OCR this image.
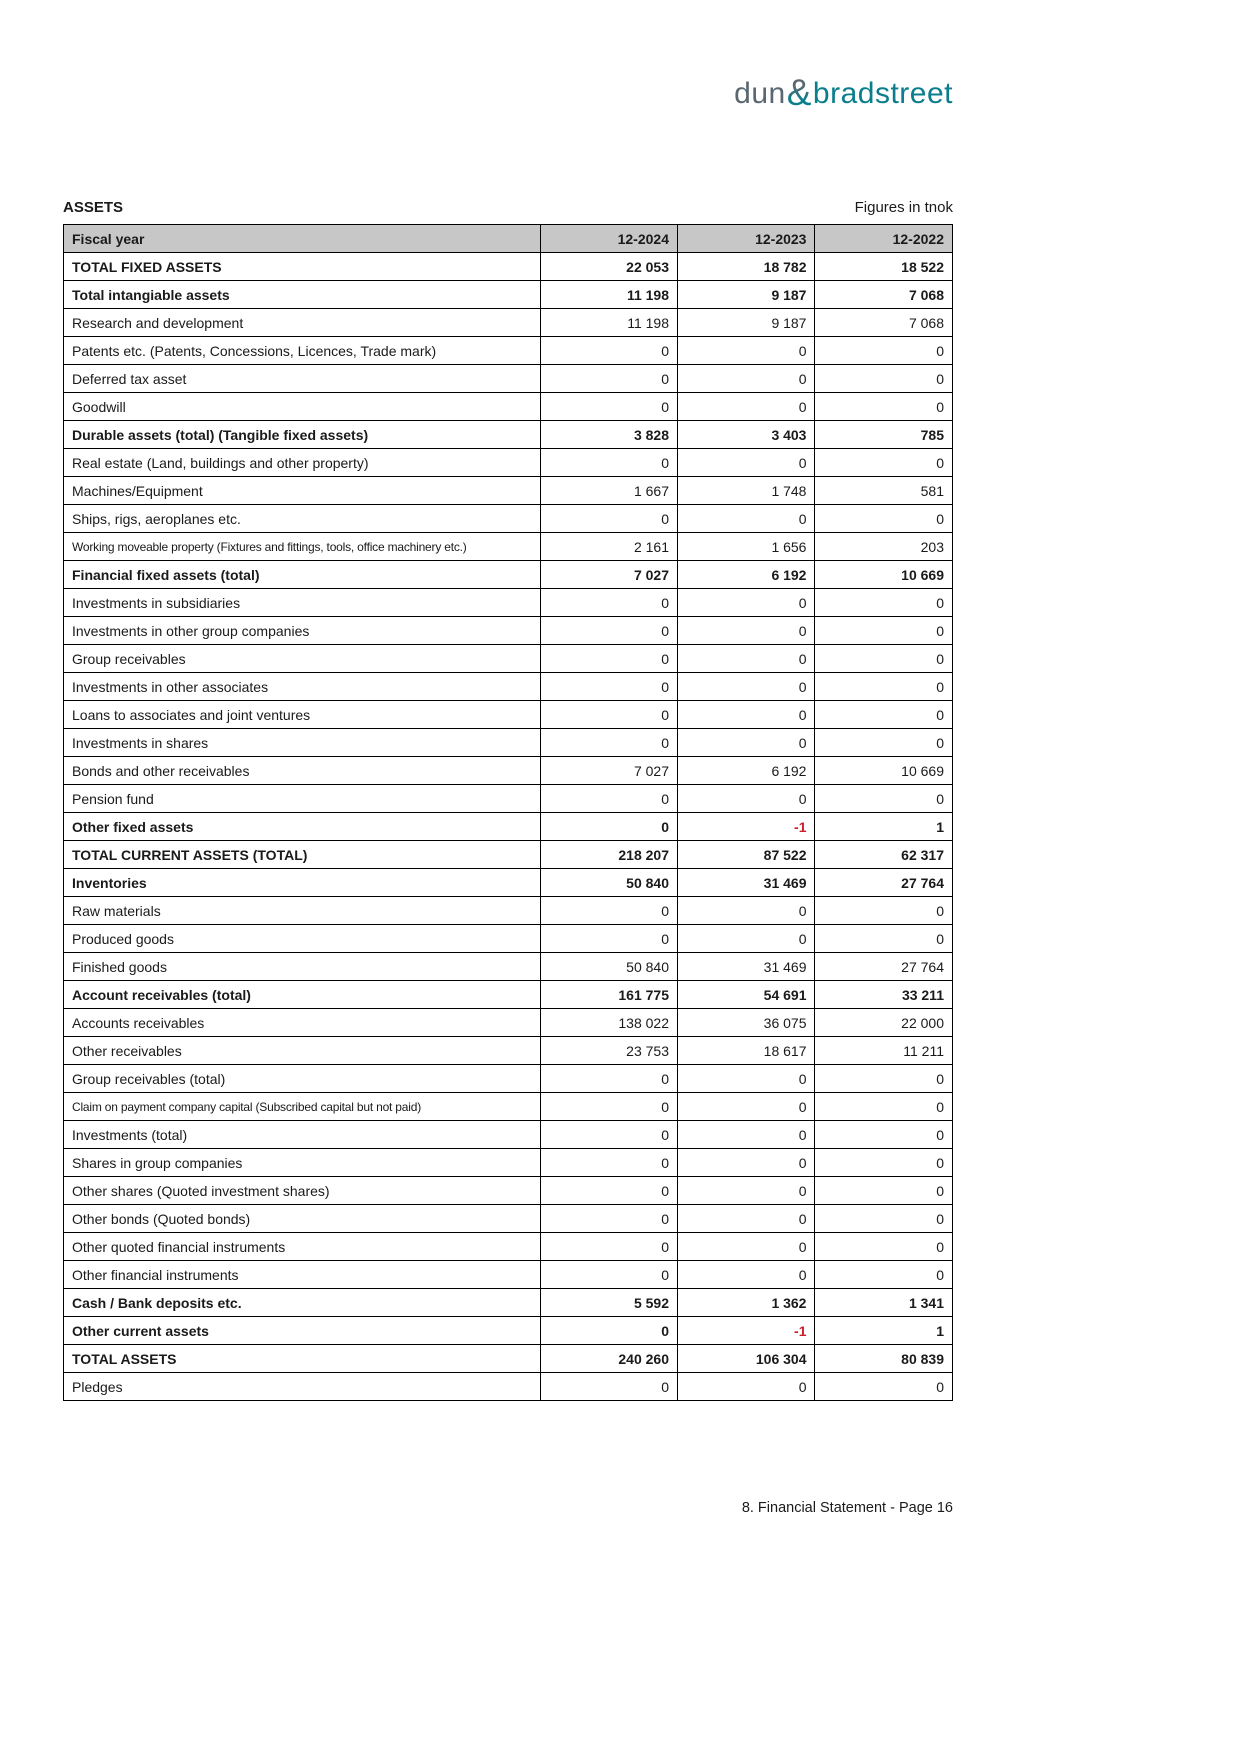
dun&bradstreet
ASSETS	Figures in tnok
Fiscal year	12-2024	12-2023	12-2022
TOTAL FIXED ASSETS	22 053	18 782	18 522
Total intangiable assets	11 198	9 187	7 068
Research and development	11 198	9 187	7 068
Patents etc. (Patents, Concessions, Licences, Trade mark)	0	0	0
Deferred tax asset	0	0	0
Goodwill	0	0	0
Durable assets (total) (Tangible fixed assets)	3 828	3 403	785
Real estate (Land, buildings and other property)	0	0	0
Machines/Equipment	1 667	1 748	581
Ships, rigs, aeroplanes etc.	0	0	0
Working moveable property (Fixtures and fittings, tools, office machinery etc.)	2 161	1 656	203
Financial fixed assets (total)	7 027	6 192	10 669
Investments in subsidiaries	0	0	0
Investments in other group companies	0	0	0
Group receivables	0	0	0
Investments in other associates	0	0	0
Loans to associates and joint ventures	0	0	0
Investments in shares	0	0	0
Bonds and other receivables	7 027	6 192	10 669
Pension fund	0	0	0
Other fixed assets	0	-1	1
TOTAL CURRENT ASSETS (TOTAL)	218 207	87 522	62 317
Inventories	50 840	31 469	27 764
Raw materials	0	0	0
Produced goods	0	0	0
Finished goods	50 840	31 469	27 764
Account receivables (total)	161 775	54 691	33 211
Accounts receivables	138 022	36 075	22 000
Other receivables	23 753	18 617	11 211
Group receivables (total)	0	0	0
Claim on payment company capital (Subscribed capital but not paid)	0	0	0
Investments (total)	0	0	0
Shares in group companies	0	0	0
Other shares (Quoted investment shares)	0	0	0
Other bonds (Quoted bonds)	0	0	0
Other quoted financial instruments	0	0	0
Other financial instruments	0	0	0
Cash / Bank deposits etc.	5 592	1 362	1 341
Other current assets	0	-1	1
TOTAL ASSETS	240 260	106 304	80 839
Pledges	0	0	0
8. Financial Statement - Page 16
